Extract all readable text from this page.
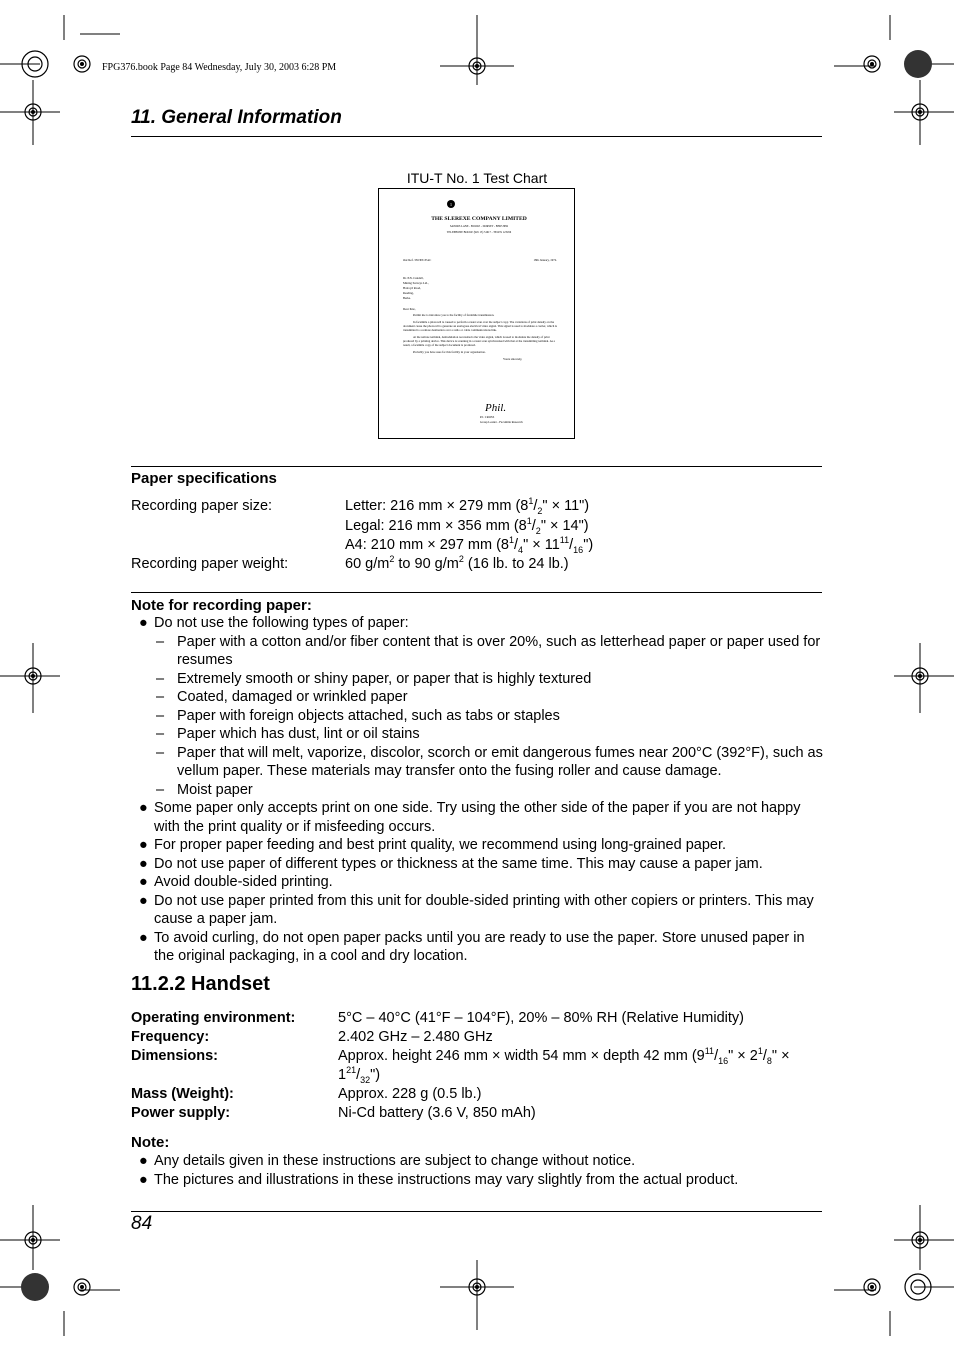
FPG376.book Page 84 Wednesday, July 30, 2003 6:28 PM
11. General Information
ITU-T No. 1 Test Chart
1
THE SLEREXE COMPANY LIMITED
SAPORS LANE - BOOLE - DORSET - BH25 8ER
TELEPHONE BOOLE (945 13) 51617 - TELEX 123456
Our Ref. 350/PJC/EAC	18th January, 1972.
Dr. P.N. Cundall,
Mining Surveys Ltd.,
Holroyd Road,
Reading,
Berks.
Dear Pete,

Permit me to introduce you to the facility of facsimile transmission.

In facsimile a photocell is caused to perform a raster scan over the subject copy. The variations of print density on the document cause the photocell to generate an analogous electrical video signal. This signal is used to modulate a carrier, which is transmitted to a remote destination over a radio or cable communications link.

At the remote terminal, demodulation reconstructs the video signal, which is used to modulate the density of print produced by a printing device. This device is scanning in a raster scan synchronised with that at the transmitting terminal. As a result, a facsimile copy of the subject document is produced.

Probably you have uses for this facility in your organisation.

Yours sincerely,

Phil.
P.J. CROSS
Group Leader - Facsimile Research
Paper specifications
Recording paper size:	Letter: 216 mm × 279 mm ($8^1/_2$" × 11")
Legal: 216 mm × 356 mm ($8^1/_2$" × 14")
A4: 210 mm × 297 mm ($8^1/_4$" × $11^{11}/_{16}$")
Recording paper weight:	60 $g/m^2$ to 90 $g/m^2$ (16 lb. to 24 lb.)
Note for recording paper:
● Do not use the following types of paper:
– Paper with a cotton and/or fiber content that is over 20%, such as letterhead paper or paper used for resumes
– Extremely smooth or shiny paper, or paper that is highly textured
– Coated, damaged or wrinkled paper
– Paper with foreign objects attached, such as tabs or staples
– Paper which has dust, lint or oil stains
– Paper that will melt, vaporize, discolor, scorch or emit dangerous fumes near 200°C (392°F), such as vellum paper. These materials may transfer onto the fusing roller and cause damage.
– Moist paper
● Some paper only accepts print on one side. Try using the other side of the paper if you are not happy with the print quality or if misfeeding occurs.
● For proper paper feeding and best print quality, we recommend using long-grained paper.
● Do not use paper of different types or thickness at the same time. This may cause a paper jam.
● Avoid double-sided printing.
● Do not use paper printed from this unit for double-sided printing with other copiers or printers. This may cause a paper jam.
● To avoid curling, do not open paper packs until you are ready to use the paper. Store unused paper in the original packaging, in a cool and dry location.
11.2.2 Handset
Operating environment:	5°C – 40°C (41°F – 104°F), 20% – 80% RH (Relative Humidity)
Frequency:	2.402 GHz – 2.480 GHz
Dimensions:	Approx. height 246 mm × width 54 mm × depth 42 mm ($9^{11}/_{16}$" × $2^1/_8$" ×
$1^{21}/_{32}$")
Mass (Weight):	Approx. 228 g (0.5 lb.)
Power supply:	Ni-Cd battery (3.6 V, 850 mAh)
Note:
● Any details given in these instructions are subject to change without notice.
● The pictures and illustrations in these instructions may vary slightly from the actual product.
84
